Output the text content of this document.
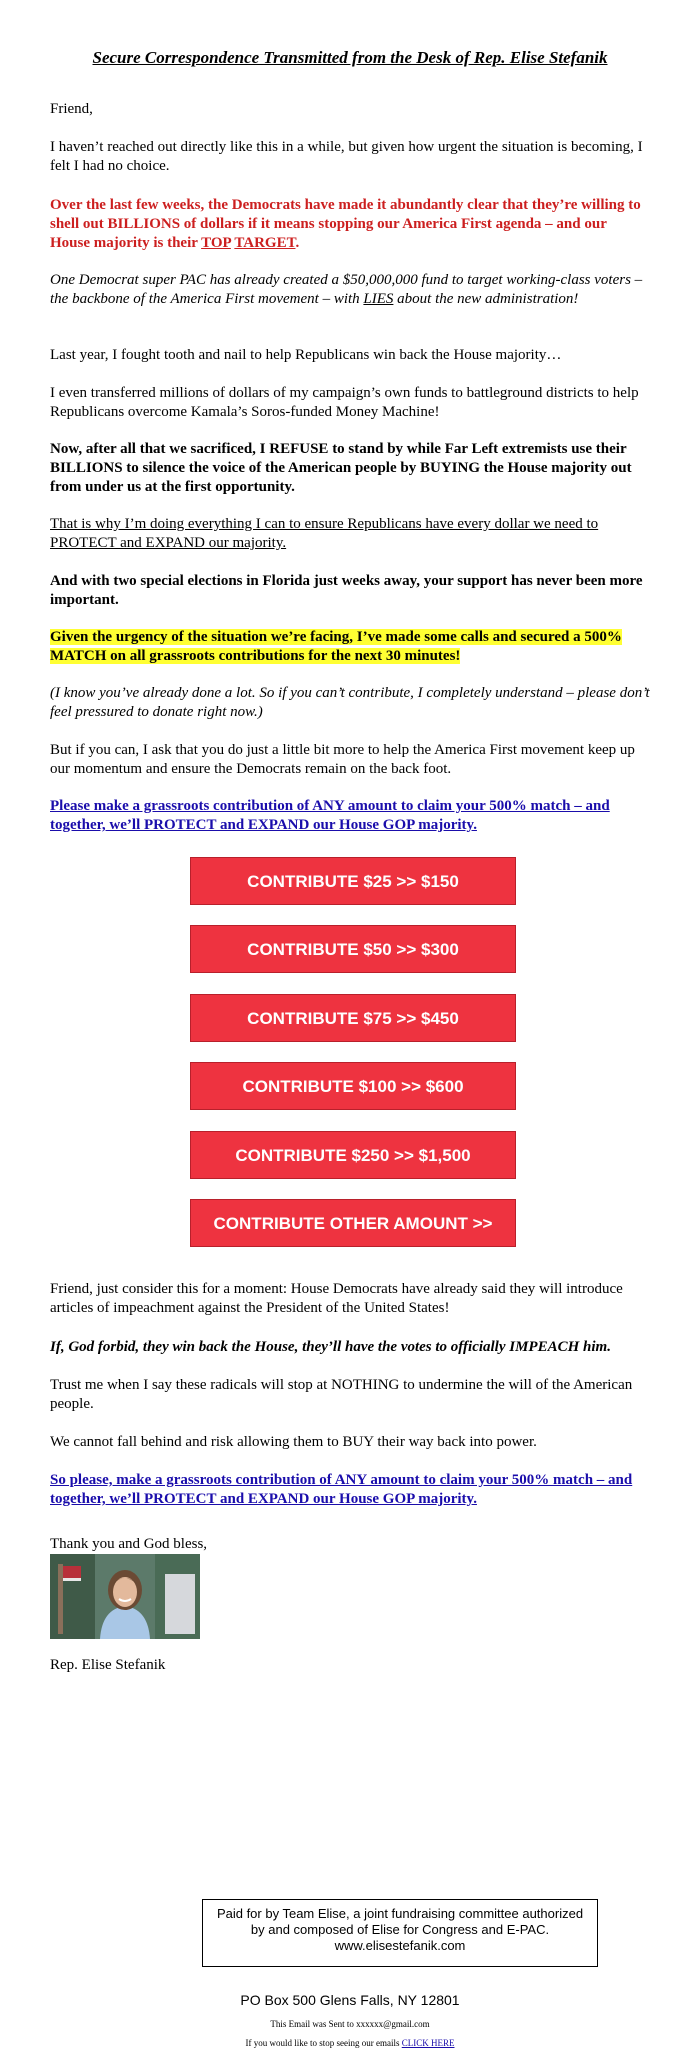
Secure Correspondence Transmitted from the Desk of Rep. Elise Stefanik

Friend,

I haven’t reached out directly like this in a while, but given how urgent the situation is becoming, I felt I had no choice.

Over the last few weeks, the Democrats have made it abundantly clear that they’re willing to shell out BILLIONS of dollars if it means stopping our America First agenda – and our House majority is their TOP TARGET.

One Democrat super PAC has already created a $50,000,000 fund to target working-class voters – the backbone of the America First movement – with LIES about the new administration!

Last year, I fought tooth and nail to help Republicans win back the House majority…

I even transferred millions of dollars of my campaign’s own funds to battleground districts to help Republicans overcome Kamala’s Soros-funded Money Machine!

Now, after all that we sacrificed, I REFUSE to stand by while Far Left extremists use their BILLIONS to silence the voice of the American people by BUYING the House majority out from under us at the first opportunity.

That is why I’m doing everything I can to ensure Republicans have every dollar we need to PROTECT and EXPAND our majority.

And with two special elections in Florida just weeks away, your support has never been more important.

Given the urgency of the situation we’re facing, I’ve made some calls and secured a 500% MATCH on all grassroots contributions for the next 30 minutes!

(I know you’ve already done a lot. So if you can’t contribute, I completely understand – please don’t feel pressured to donate right now.)

But if you can, I ask that you do just a little bit more to help the America First movement keep up our momentum and ensure the Democrats remain on the back foot.

Please make a grassroots contribution of ANY amount to claim your 500% match – and together, we’ll PROTECT and EXPAND our House GOP majority.
CONTRIBUTE $25 >> $150
CONTRIBUTE $50 >> $300
CONTRIBUTE $75 >> $450
CONTRIBUTE $100 >> $600
CONTRIBUTE $250 >> $1,500
CONTRIBUTE OTHER AMOUNT >>

Friend, just consider this for a moment: House Democrats have already said they will introduce articles of impeachment against the President of the United States!

If, God forbid, they win back the House, they’ll have the votes to officially IMPEACH him.

Trust me when I say these radicals will stop at NOTHING to undermine the will of the American people.

We cannot fall behind and risk allowing them to BUY their way back into power.

So please, make a grassroots contribution of ANY amount to claim your 500% match – and together, we’ll PROTECT and EXPAND our House GOP majority.

Thank you and God bless,

Rep. Elise Stefanik

Paid for by Team Elise, a joint fundraising committee authorized by and composed of Elise for Congress and E-PAC. www.elisestefanik.com
PO Box 500 Glens Falls, NY 12801
This Email was Sent to xxxxxx@gmail.com
If you would like to stop seeing our emails CLICK HERE
